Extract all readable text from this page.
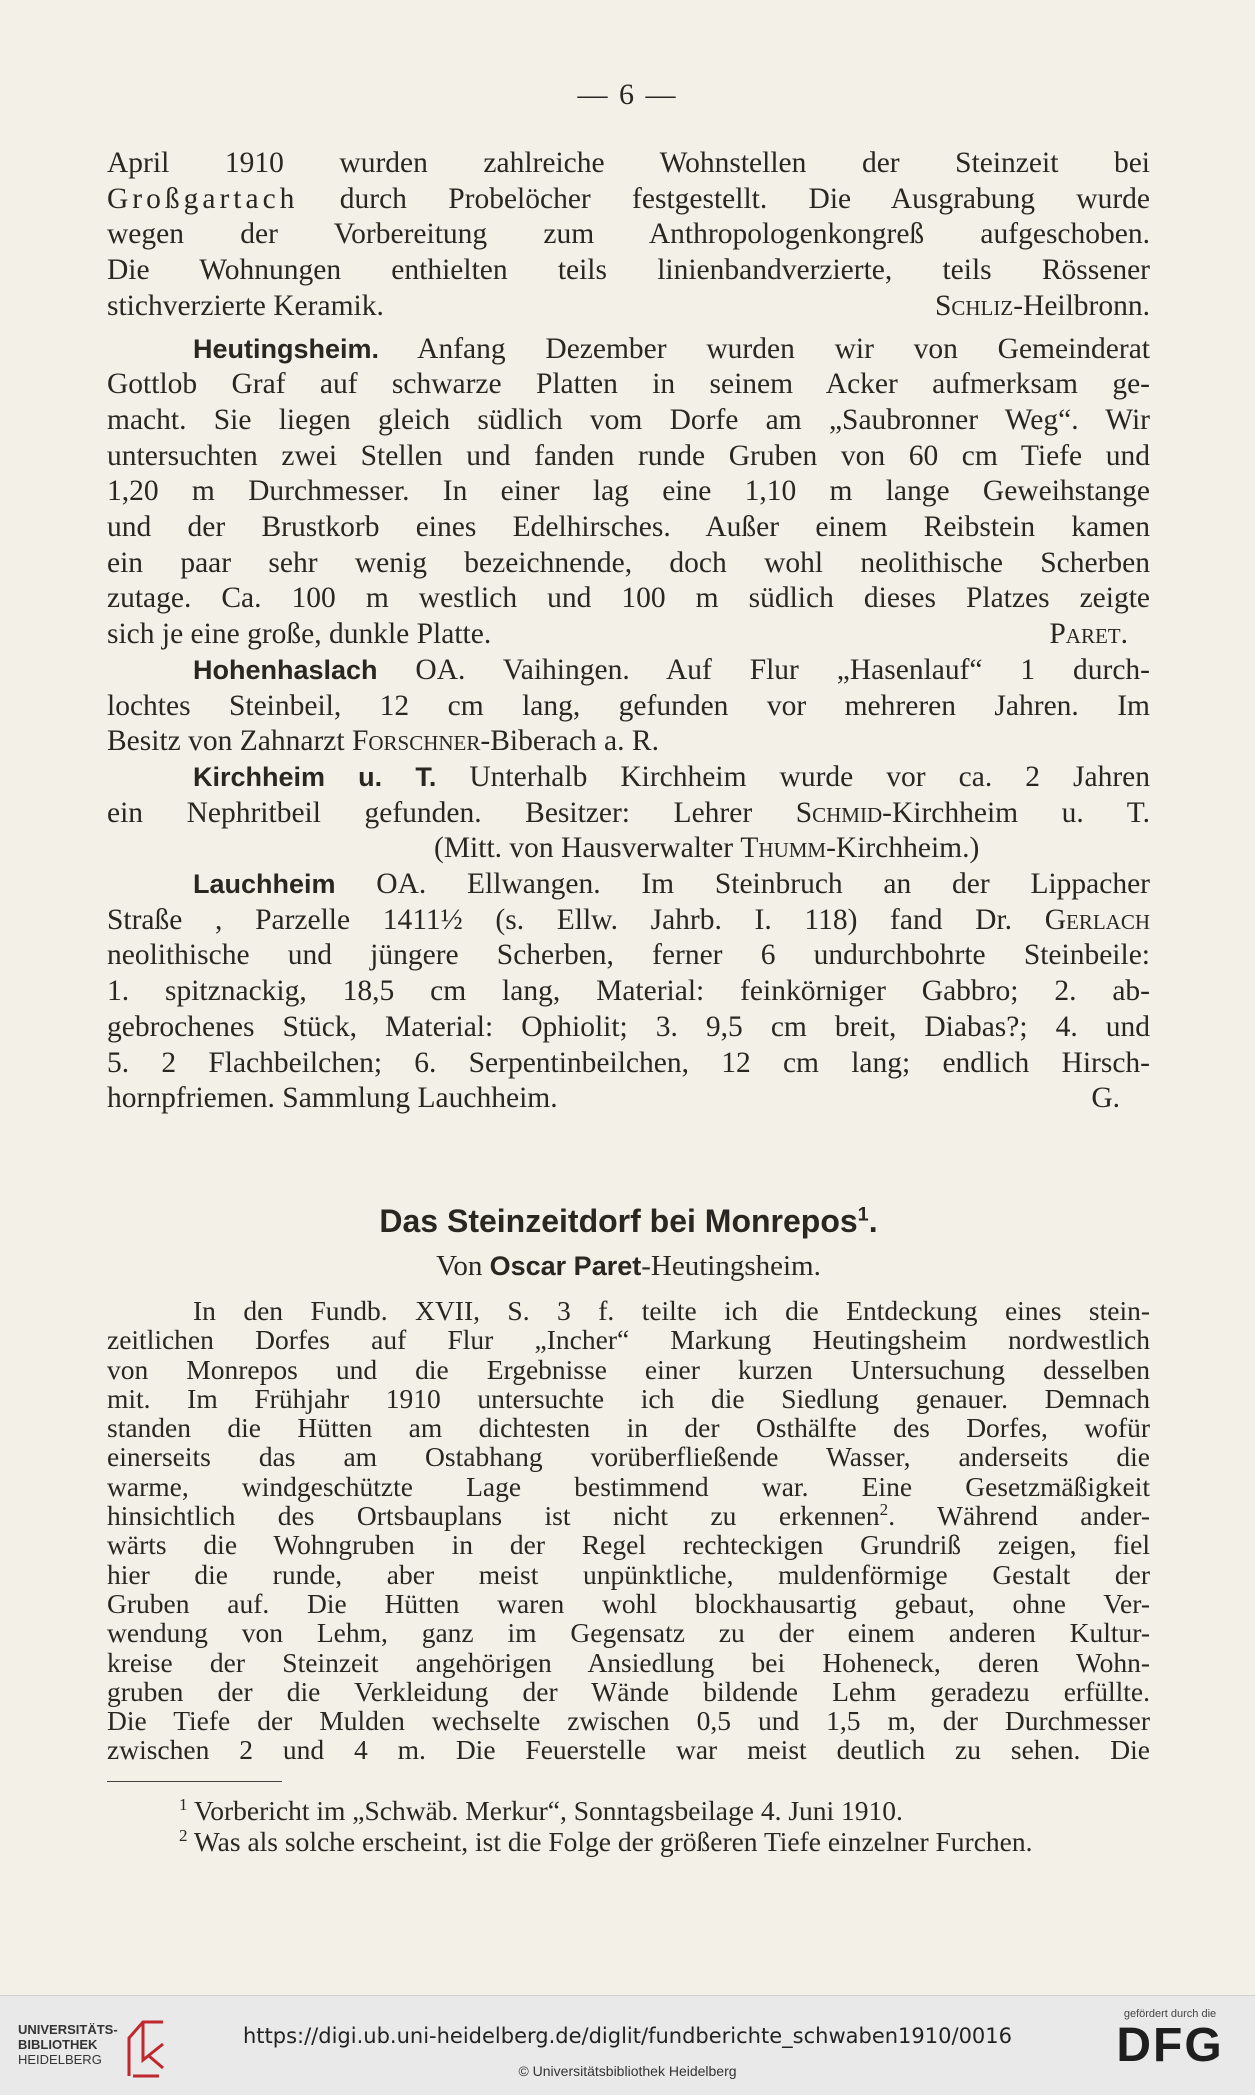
— 6 —

April 1910 wurden zahlreiche Wohnstellen der Steinzeit bei

Großgartach durch Probelöcher festgestellt. Die Ausgrabung wurde

wegen der Vorbereitung zum Anthropologenkongreß aufgeschoben.

Die Wohnungen enthielten teils linienbandverzierte, teils Rössener

stichverzierte Keramik.	Schliz-Heilbronn.

Heutingsheim. Anfang Dezember wurden wir von Gemeinderat

Gottlob Graf auf schwarze Platten in seinem Acker aufmerksam ge-

macht. Sie liegen gleich südlich vom Dorfe am „Saubronner Weg“. Wir

untersuchten zwei Stellen und fanden runde Gruben von 60 cm Tiefe und

1,20 m Durchmesser. In einer lag eine 1,10 m lange Geweihstange

und der Brustkorb eines Edelhirsches. Außer einem Reibstein kamen

ein paar sehr wenig bezeichnende, doch wohl neolithische Scherben

zutage. Ca. 100 m westlich und 100 m südlich dieses Platzes zeigte

sich je eine große, dunkle Platte.	Paret.

Hohenhaslach OA. Vaihingen. Auf Flur „Hasenlauf“ 1 durch-

lochtes Steinbeil, 12 cm lang, gefunden vor mehreren Jahren. Im

Besitz von Zahnarzt Forschner-Biberach a. R.

Kirchheim u. T. Unterhalb Kirchheim wurde vor ca. 2 Jahren

ein Nephritbeil gefunden. Besitzer: Lehrer Schmid-Kirchheim u. T.

(Mitt. von Hausverwalter Thumm-Kirchheim.)

Lauchheim OA. Ellwangen. Im Steinbruch an der Lippacher

Straße , Parzelle 1411½ (s. Ellw. Jahrb. I. 118) fand Dr. Gerlach

neolithische und jüngere Scherben, ferner 6 undurchbohrte Steinbeile:

1. spitznackig, 18,5 cm lang, Material: feinkörniger Gabbro; 2. ab-

gebrochenes Stück, Material: Ophiolit; 3. 9,5 cm breit, Diabas?; 4. und

5. 2 Flachbeilchen; 6. Serpentinbeilchen, 12 cm lang; endlich Hirsch-

hornpfriemen. Sammlung Lauchheim.	G.

Das Steinzeitdorf bei Monrepos$^1$.
Von Oscar Paret-Heutingsheim.

In den Fundb. XVII, S. 3 f. teilte ich die Entdeckung eines stein-

zeitlichen Dorfes auf Flur „Incher“ Markung Heutingsheim nordwestlich

von Monrepos und die Ergebnisse einer kurzen Untersuchung desselben

mit. Im Frühjahr 1910 untersuchte ich die Siedlung genauer. Demnach

standen die Hütten am dichtesten in der Osthälfte des Dorfes, wofür

einerseits das am Ostabhang vorüberfließende Wasser, anderseits die

warme, windgeschützte Lage bestimmend war. Eine Gesetzmäßigkeit

hinsichtlich des Ortsbauplans ist nicht zu erkennen$^2$. Während ander-

wärts die Wohngruben in der Regel rechteckigen Grundriß zeigen, fiel

hier die runde, aber meist unpünktliche, muldenförmige Gestalt der

Gruben auf. Die Hütten waren wohl blockhausartig gebaut, ohne Ver-

wendung von Lehm, ganz im Gegensatz zu der einem anderen Kultur-

kreise der Steinzeit angehörigen Ansiedlung bei Hoheneck, deren Wohn-

gruben der die Verkleidung der Wände bildende Lehm geradezu erfüllte.

Die Tiefe der Mulden wechselte zwischen 0,5 und 1,5 m, der Durchmesser

zwischen 2 und 4 m. Die Feuerstelle war meist deutlich zu sehen. Die

$^1$ Vorbericht im „Schwäb. Merkur“, Sonntagsbeilage 4. Juni 1910.

$^2$ Was als solche erscheint, ist die Folge der größeren Tiefe einzelner Furchen.

UNIVERSITÄTS-
BIBLIOTHEK
HEIDELBERG
https://digi.ub.uni-heidelberg.de/diglit/fundberichte_schwaben1910/0016
© Universitätsbibliothek Heidelberg
gefördert durch die
DFG
